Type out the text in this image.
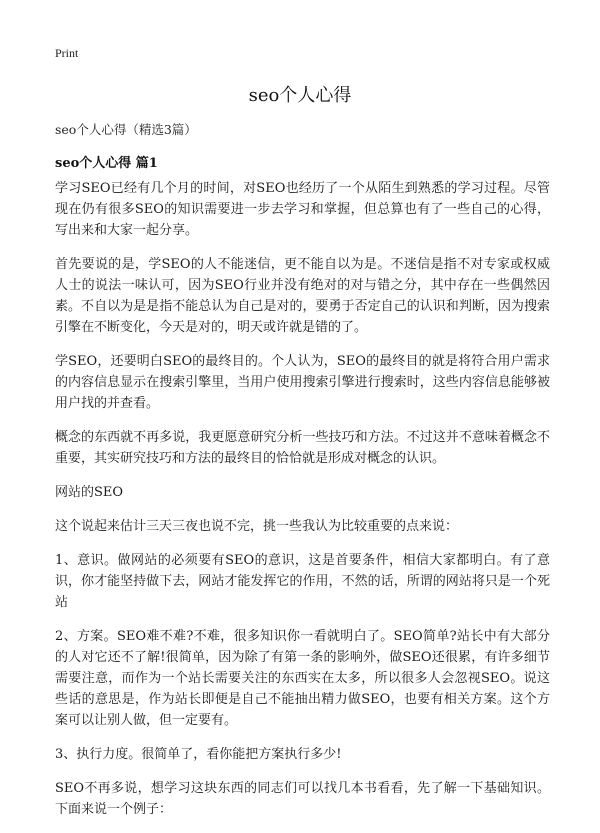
Print
seo个人心得
seo个人心得（精选3篇）
seo个人心得 篇1

学习SEO已经有几个月的时间，对SEO也经历了一个从陌生到熟悉的学习过程。尽管现在仍有很多SEO的知识需要进一步去学习和掌握，但总算也有了一些自己的心得，写出来和大家一起分享。

首先要说的是，学SEO的人不能迷信，更不能自以为是。不迷信是指不对专家或权威人士的说法一味认可，因为SEO行业并没有绝对的对与错之分，其中存在一些偶然因素。不自以为是是指不能总认为自己是对的，要勇于否定自己的认识和判断，因为搜索引擎在不断变化，今天是对的，明天或许就是错的了。

学SEO，还要明白SEO的最终目的。个人认为，SEO的最终目的就是将符合用户需求的内容信息显示在搜索引擎里，当用户使用搜索引擎进行搜索时，这些内容信息能够被用户找的并查看。

概念的东西就不再多说，我更愿意研究分析一些技巧和方法。不过这并不意味着概念不重要，其实研究技巧和方法的最终目的恰恰就是形成对概念的认识。

网站的SEO

这个说起来估计三天三夜也说不完，挑一些我认为比较重要的点来说：

1、意识。做网站的必须要有SEO的意识，这是首要条件，相信大家都明白。有了意识，你才能坚持做下去，网站才能发挥它的作用，不然的话，所谓的网站将只是一个死站

2、方案。SEO难不难?不难，很多知识你一看就明白了。SEO简单?站长中有大部分的人对它还不了解!很简单，因为除了有第一条的影响外，做SEO还很累，有许多细节需要注意，而作为一个站长需要关注的东西实在太多，所以很多人会忽视SEO。说这些话的意思是，作为站长即便是自己不能抽出精力做SEO，也要有相关方案。这个方案可以让别人做，但一定要有。

3、执行力度。很简单了，看你能把方案执行多少!

SEO不再多说，想学习这块东西的同志们可以找几本书看看，先了解一下基础知识。下面来说一个例子：
